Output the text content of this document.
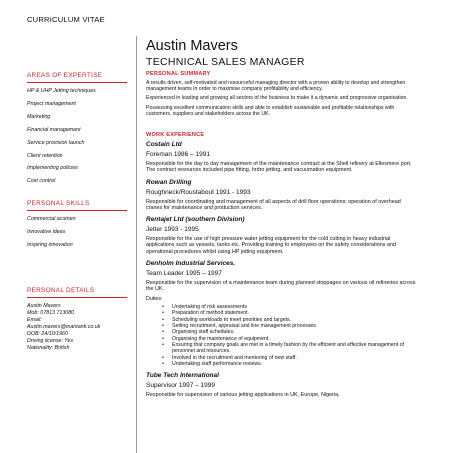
CURRICULUM VITAE
Austin Mavers
TECHNICAL SALES MANAGER
AREAS OF EXPERTISE
HP & UHP Jetting techniques
Project management
Marketing
Financial management
Service provision launch
Client retention
Implementing policies
Cost control
PERSONAL SKILLS
Commercial acumen
Innovative ideas
Inspiring innovation
PERSONAL DETAILS
Austin Mavers
Mob: 07813 713080
Email:
Austin.mavers@mantank.co.uk
DOB: 24/10/1960
Driving license: Yes
Nationality: British
PERSONAL SUMMARY
A results driven, self-motivated and resourceful managing director with a proven ability to develop and strengthen management teams in order to maximise company profitability and efficiency.
Experienced in leading and growing all sectors of the business to make it a dynamic and progressive organisation.
Possessing excellent communication skills and able to establish sustainable and profitable relationships with customers, suppliers and stakeholders across the UK.
WORK EXPERIENCE
Costain Ltd
Foreman 1986 – 1991
Responsible for the day to day management of the maintenance contract at the Shell refinery at Ellesmere port. The contract resources included pipe fitting, hrdro jetting, and vacuumation equipment.
Rowan Drilling
Roughneck/Roustabout 1991 - 1993
Responsible for coordinating and management of all aspects of drill floor operations; operation of overhead cranes for maintenance and production services.
Rentajet Ltd (southern Division)
Jetter 1993 - 1995
Responsible for the use of high pressure water jetting equipment for the cold cutting in heavy industrial applications such as vessels, tanks etc. Providing training to employees on the safety considerations and operational procedures whilst using HP jetting equipment.
Denholm Industrial Services.
Team Leader 1995 – 1997
Responsible for the supervision of a maintenance team during planned stoppages on various oil refineries across the UK.
Duties:
• Undertaking of risk assessments
• Preparation of method statement.
• Scheduling workloads to meet priorities and targets.
• Setting recruitment, appraisal and line management processes.
• Organising staff schedules.
• Organising the maintenance of equipment.
• Ensuring that company goals are met in a timely fashion by the efficient and effective management of personnel and resources.
• Involved in the recruitment and mentoring of new staff.
• Undertaking staff performance reviews.
Tube Tech International
Supervisor 1997 – 1999
Responsible for supervision of various jetting applications in UK, Europe, Nigeria,
